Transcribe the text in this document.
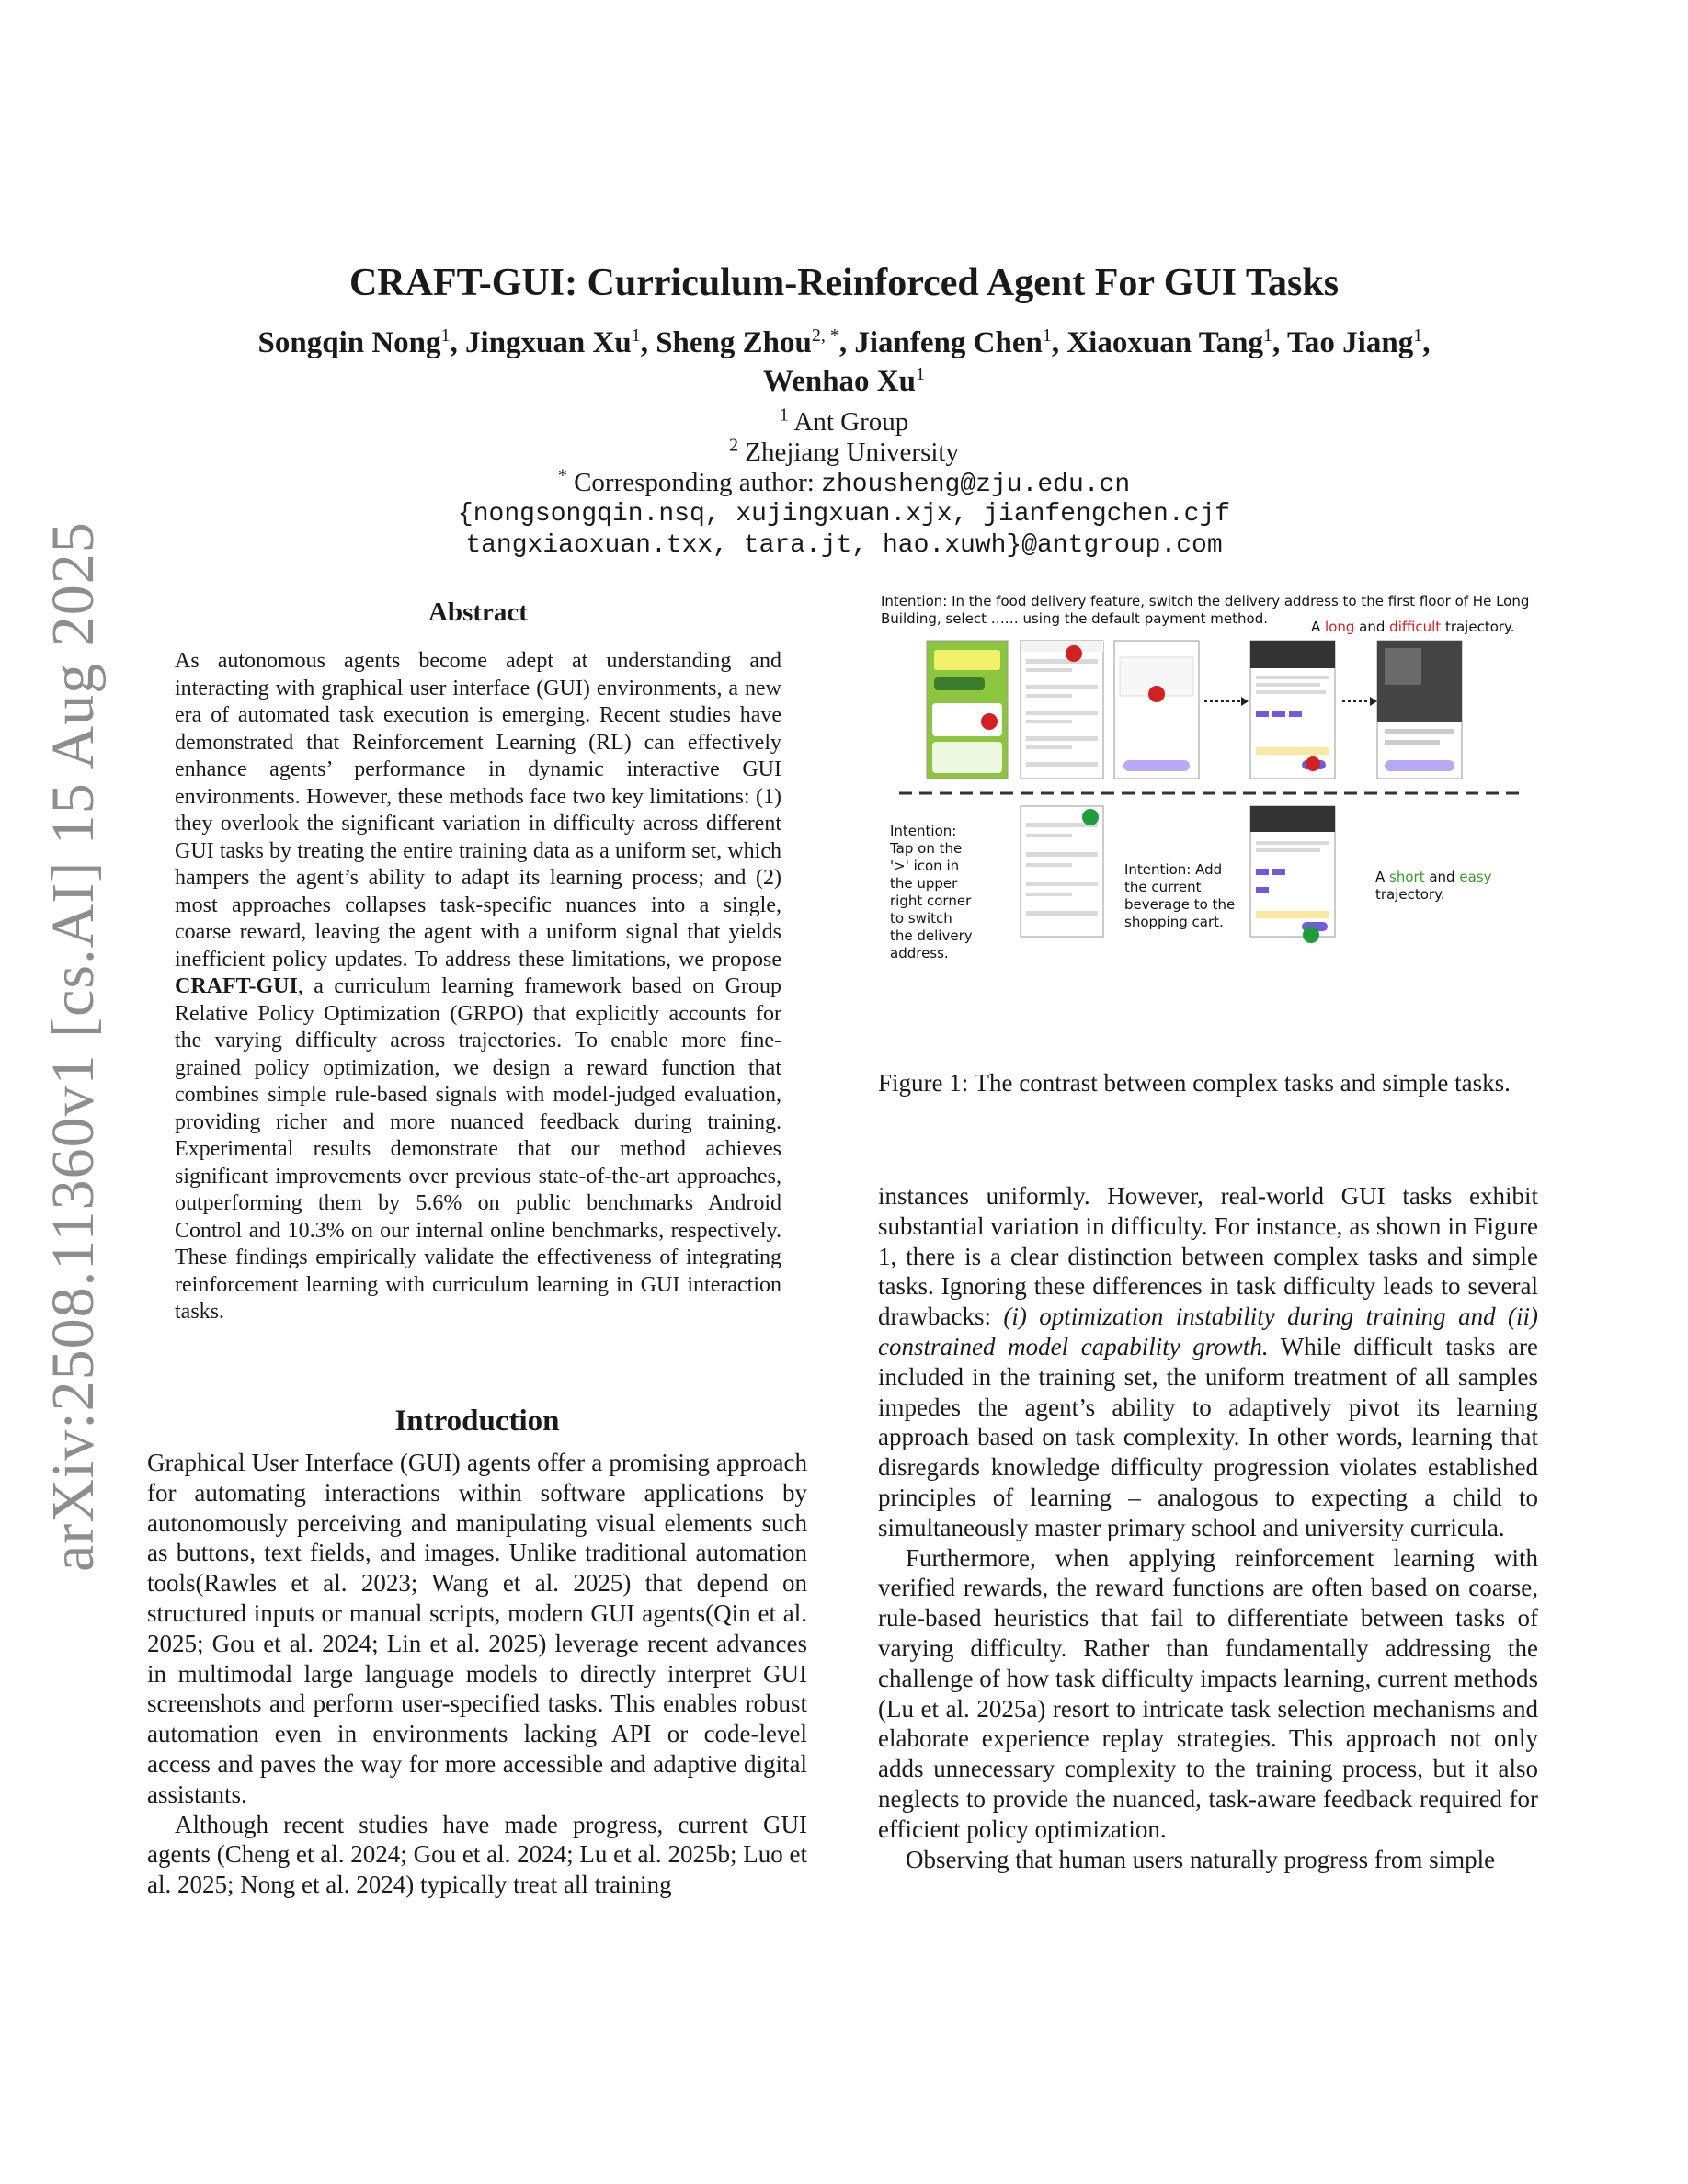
arXiv:2508.11360v1 [cs.AI] 15 Aug 2025
CRAFT-GUI: Curriculum-Reinforced Agent For GUI Tasks
Songqin Nong$^1$, Jingxuan Xu$^1$, Sheng Zhou$^{2, *}$, Jianfeng Chen$^1$, Xiaoxuan Tang$^1$, Tao Jiang$^1$,
Wenhao Xu$^1$
$^1$ Ant Group
$^2$ Zhejiang University
* Corresponding author: zhousheng@zju.edu.cn
{nongsongqin.nsq, xujingxuan.xjx, jianfengchen.cjf
tangxiaoxuan.txx, tara.jt, hao.xuwh}@antgroup.com
Abstract
As autonomous agents become adept at understanding and interacting with graphical user interface (GUI) environments, a new era of automated task execution is emerging. Recent studies have demonstrated that Reinforcement Learning (RL) can effectively enhance agents’ performance in dynamic interactive GUI environments. However, these methods face two key limitations: (1) they overlook the significant variation in difficulty across different GUI tasks by treating the entire training data as a uniform set, which hampers the agent’s ability to adapt its learning process; and (2) most approaches collapses task-specific nuances into a single, coarse reward, leaving the agent with a uniform signal that yields inefficient policy updates. To address these limitations, we propose CRAFT-GUI, a curriculum learning framework based on Group Relative Policy Optimization (GRPO) that explicitly accounts for the varying difficulty across trajectories. To enable more fine-grained policy optimization, we design a reward function that combines simple rule-based signals with model-judged evaluation, providing richer and more nuanced feedback during training. Experimental results demonstrate that our method achieves significant improvements over previous state-of-the-art approaches, outperforming them by 5.6% on public benchmarks Android Control and 10.3% on our internal online benchmarks, respectively. These findings empirically validate the effectiveness of integrating reinforcement learning with curriculum learning in GUI interaction tasks.
Introduction

Graphical User Interface (GUI) agents offer a promising approach for automating interactions within software applications by autonomously perceiving and manipulating visual elements such as buttons, text fields, and images. Unlike traditional automation tools(Rawles et al. 2023; Wang et al. 2025) that depend on structured inputs or manual scripts, modern GUI agents(Qin et al. 2025; Gou et al. 2024; Lin et al. 2025) leverage recent advances in multimodal large language models to directly interpret GUI screenshots and perform user-specified tasks. This enables robust automation even in environments lacking API or code-level access and paves the way for more accessible and adaptive digital assistants.

Although recent studies have made progress, current GUI agents (Cheng et al. 2024; Gou et al. 2024; Lu et al. 2025b; Luo et al. 2025; Nong et al. 2024) typically treat all training

Intention: In the food delivery feature, switch the delivery address to the first floor of He Long Building, select …… using the default payment method.	A long and difficult trajectory.
Intention: Tap on the '>' icon in the upper right corner to switch the delivery address.
Intention: Add the current beverage to the shopping cart.
A short and easy trajectory.
Figure 1: The contrast between complex tasks and simple tasks.

instances uniformly. However, real-world GUI tasks exhibit substantial variation in difficulty. For instance, as shown in Figure 1, there is a clear distinction between complex tasks and simple tasks. Ignoring these differences in task difficulty leads to several drawbacks: (i) optimization instability during training and (ii) constrained model capability growth. While difficult tasks are included in the training set, the uniform treatment of all samples impedes the agent’s ability to adaptively pivot its learning approach based on task complexity. In other words, learning that disregards knowledge difficulty progression violates established principles of learning – analogous to expecting a child to simultaneously master primary school and university curricula.

Furthermore, when applying reinforcement learning with verified rewards, the reward functions are often based on coarse, rule-based heuristics that fail to differentiate between tasks of varying difficulty. Rather than fundamentally addressing the challenge of how task difficulty impacts learning, current methods (Lu et al. 2025a) resort to intricate task selection mechanisms and elaborate experience replay strategies. This approach not only adds unnecessary complexity to the training process, but it also neglects to provide the nuanced, task-aware feedback required for efficient policy optimization.

Observing that human users naturally progress from simple
